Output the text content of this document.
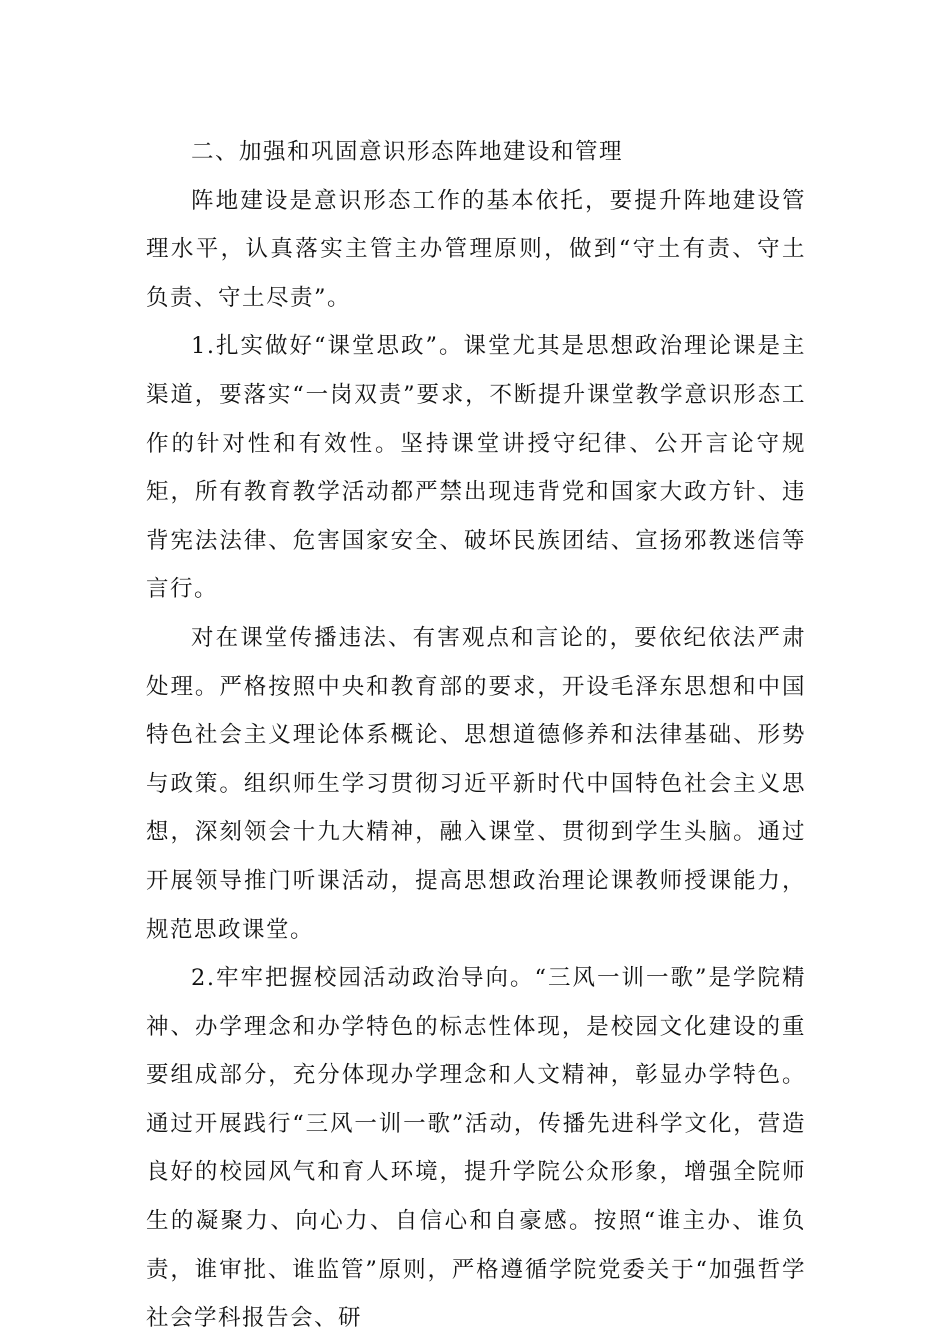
二、加强和巩固意识形态阵地建设和管理

阵地建设是意识形态工作的基本依托，要提升阵地建设管理水平，认真落实主管主办管理原则，做到“守土有责、守土负责、守土尽责”。

1.扎实做好“课堂思政”。课堂尤其是思想政治理论课是主渠道，要落实“一岗双责”要求，不断提升课堂教学意识形态工作的针对性和有效性。坚持课堂讲授守纪律、公开言论守规矩，所有教育教学活动都严禁出现违背党和国家大政方针、违背宪法法律、危害国家安全、破坏民族团结、宣扬邪教迷信等言行。

对在课堂传播违法、有害观点和言论的，要依纪依法严肃处理。严格按照中央和教育部的要求，开设毛泽东思想和中国特色社会主义理论体系概论、思想道德修养和法律基础、形势与政策。组织师生学习贯彻习近平新时代中国特色社会主义思想，深刻领会十九大精神，融入课堂、贯彻到学生头脑。通过开展领导推门听课活动，提高思想政治理论课教师授课能力，规范思政课堂。

2.牢牢把握校园活动政治导向。“三风一训一歌”是学院精神、办学理念和办学特色的标志性体现，是校园文化建设的重要组成部分，充分体现办学理念和人文精神，彰显办学特色。通过开展践行“三风一训一歌”活动，传播先进科学文化，营造良好的校园风气和育人环境，提升学院公众形象，增强全院师生的凝聚力、向心力、自信心和自豪感。按照“谁主办、谁负责，谁审批、谁监管”原则，严格遵循学院党委关于“加强哲学社会学科报告会、研
